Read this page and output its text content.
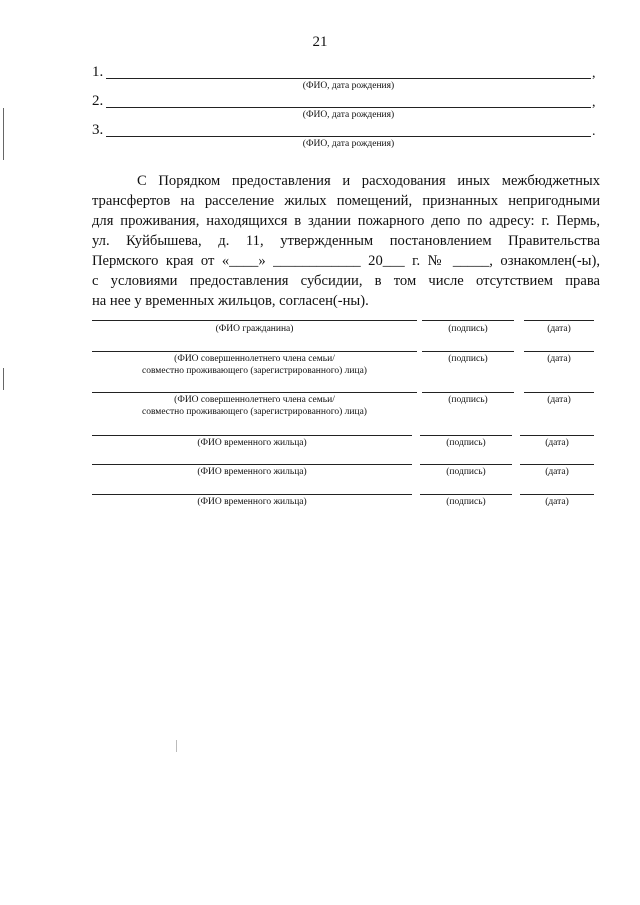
21
1.	,
(ФИО, дата рождения)
2.	,
(ФИО, дата рождения)
3.	.
(ФИО, дата рождения)
С Порядком предоставления и расходования иных межбюджетных
трансфертов на расселение жилых помещений, признанных непригодными
для проживания, находящихся в здании пожарного депо по адресу: г. Пермь,
ул. Куйбышева, д. 11, утвержденным постановлением Правительства
Пермского края от «____» ____________ 20___ г. № _____, ознакомлен(-ы),
с условиями предоставления субсидии, в том числе отсутствием права
на нее у временных жильцов, согласен(-ны).
(ФИО гражданина)	(подпись)	(дата)
(ФИО совершеннолетнего члена семьи/
совместно проживающего (зарегистрированного) лица)
(подпись)	(дата)
(ФИО совершеннолетнего члена семьи/
совместно проживающего (зарегистрированного) лица)
(подпись)	(дата)
(ФИО временного жильца)	(подпись)	(дата)
(ФИО временного жильца)	(подпись)	(дата)
(ФИО временного жильца)	(подпись)	(дата)
